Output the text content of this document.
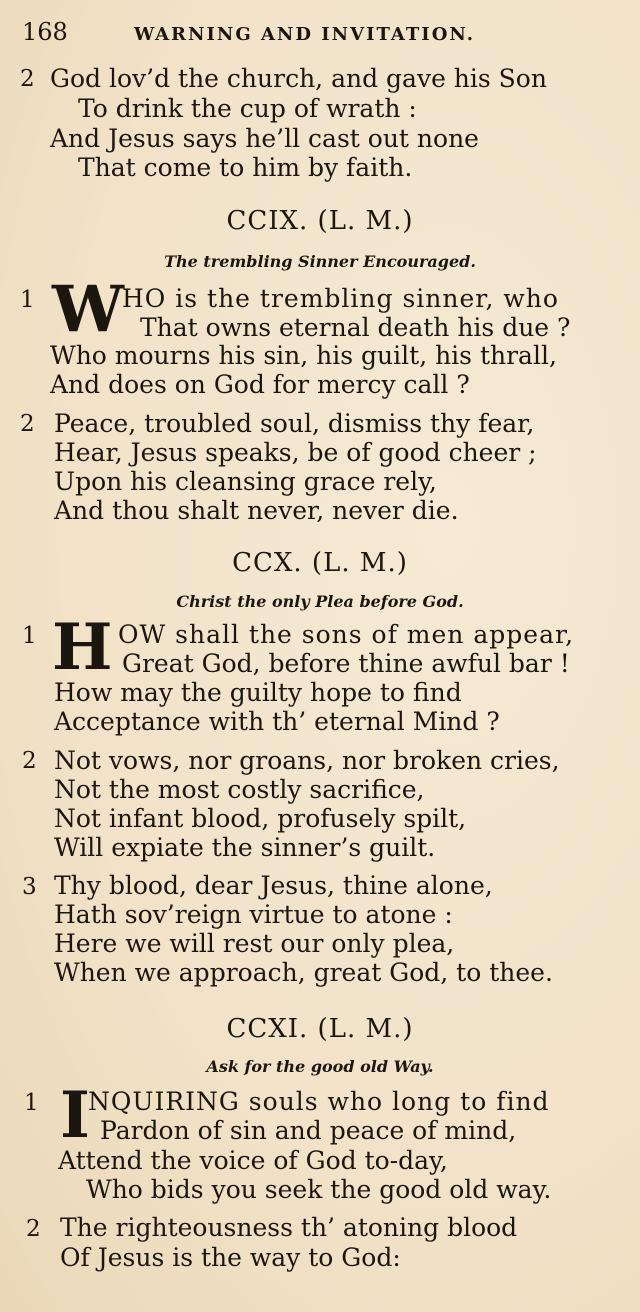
168	WARNING AND INVITATION.
2 God lov’d the church, and gave his Son
To drink the cup of wrath :
And Jesus says he’ll cast out none
That come to him by faith.
CCIX. (L. M.)
The trembling Sinner Encouraged.
1 W
HO is the trembling sinner, who
That owns eternal death his due ?
Who mourns his sin, his guilt, his thrall,
And does on God for mercy call ?
2 Peace, troubled soul, dismiss thy fear,
Hear, Jesus speaks, be of good cheer ;
Upon his cleansing grace rely,
And thou shalt never, never die.
CCX. (L. M.)
Christ the only Plea before God.
1 H OW shall the sons of men appear,
Great God, before thine awful bar !
How may the guilty hope to find
Acceptance with th’ eternal Mind ?
2 Not vows, nor groans, nor broken cries,
Not the most costly sacrifice,
Not infant blood, profusely spilt,
Will expiate the sinner’s guilt.
3 Thy blood, dear Jesus, thine alone,
Hath sov’reign virtue to atone :
Here we will rest our only plea,
When we approach, great God, to thee.
CCXI. (L. M.)
Ask for the good old Way.
1 I
NQUIRING souls who long to find
Pardon of sin and peace of mind,
Attend the voice of God to-day,
Who bids you seek the good old way.
2 The righteousness th’ atoning blood
Of Jesus is the way to God:
